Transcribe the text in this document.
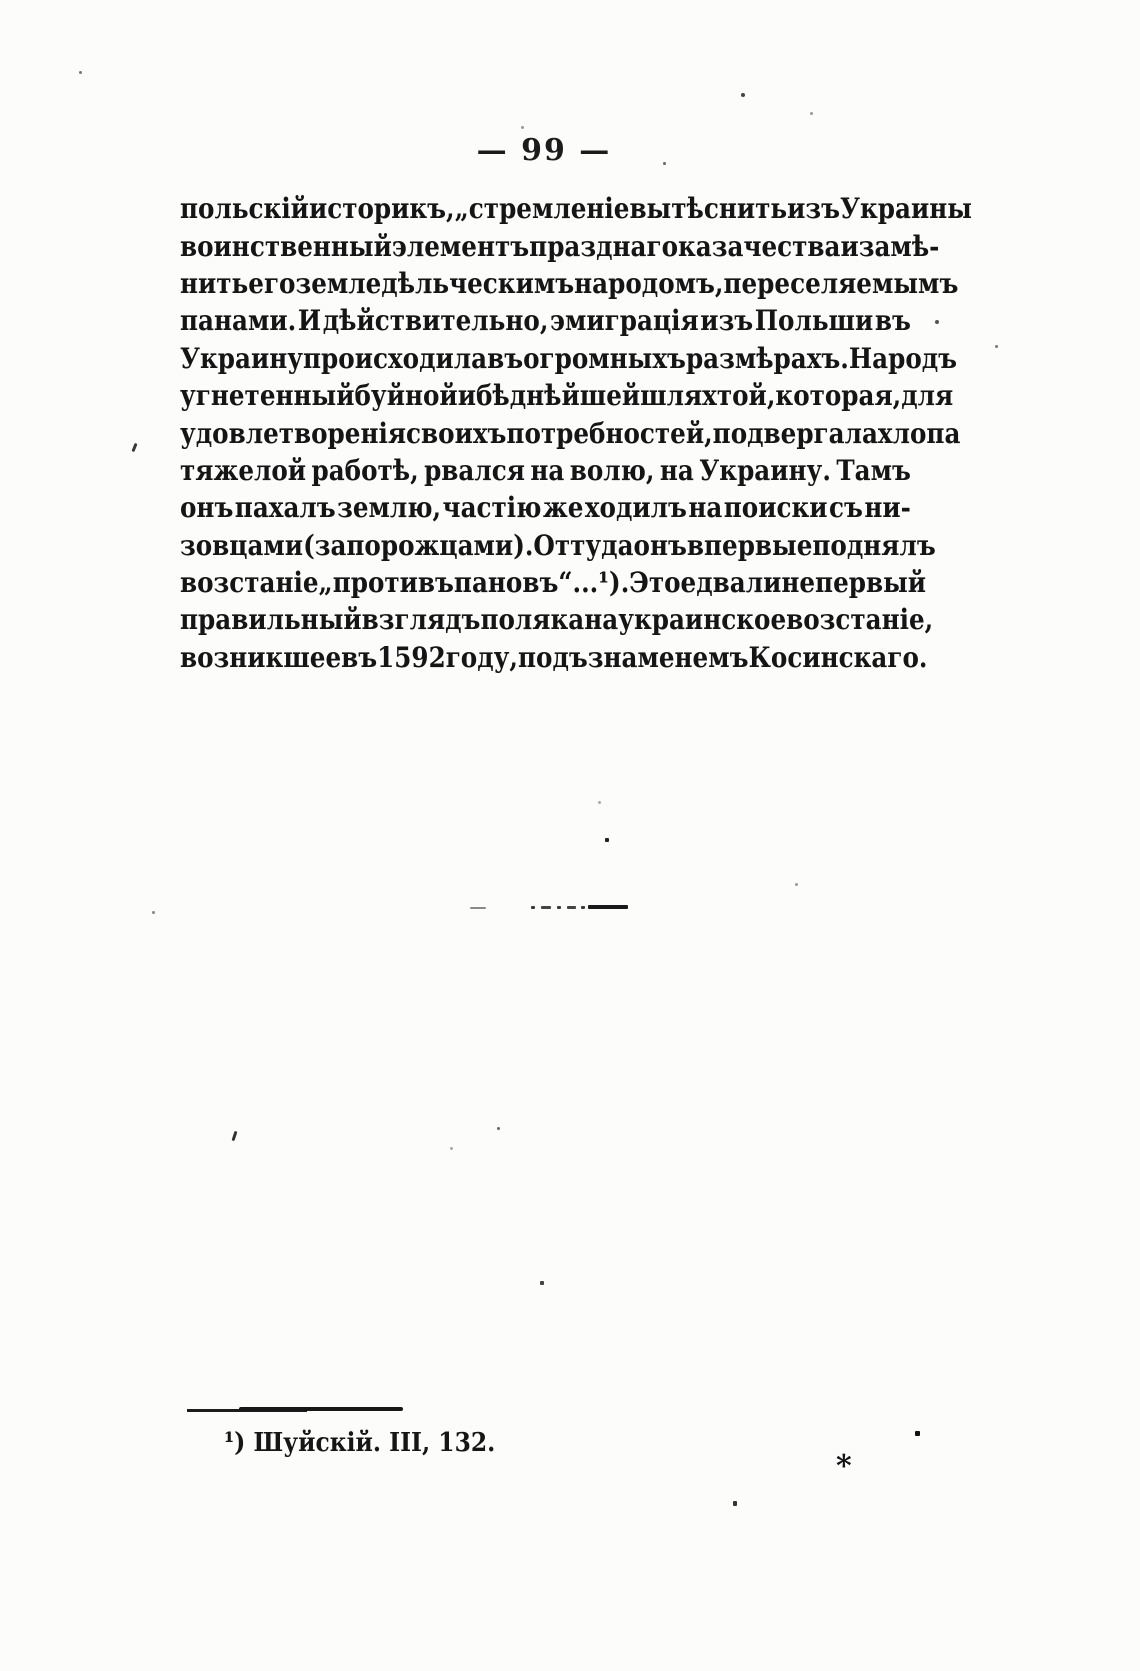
— 99 —
польскій историкъ, „стремленіе вытѣснить изъ Украины
воинственный элементъ празднаго казачества и замѣ-
нить его земледѣльческимъ народомъ, переселяемымъ
панами. И дѣйствительно, эмиграція изъ Польши въ
Украину происходила въ огромныхъ размѣрахъ. Народъ
угнетенный буйной и бѣднѣйшей шляхтой, которая, для
удовлетворенія своихъ потребностей, подвергала хлопа
тяжелой работѣ, рвался на волю, на Украину. Тамъ
онъ пахалъ землю, частію же ходилъ на поиски съ ни-
зовцами (запорожцами). Оттуда онъ впервые поднялъ
возстаніе „противъ пановъ“... ¹). Это едвали не первый
правильный взглядъ поляка на украинское возстаніе,
возникшее въ 1592 году, подъ знаменемъ Косинскаго.
¹) Шуйскій. III, 132.
*
